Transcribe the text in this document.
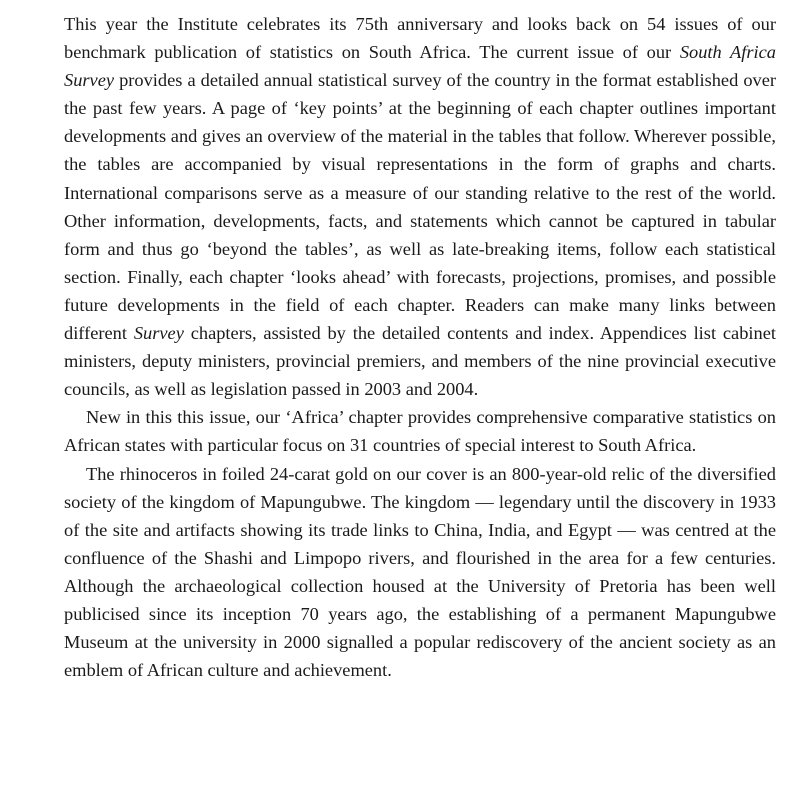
This year the Institute celebrates its 75th anniversary and looks back on 54 issues of our benchmark publication of statistics on South Africa. The current issue of our South Africa Survey provides a detailed annual statistical survey of the country in the format established over the past few years. A page of ‘key points’ at the beginning of each chapter outlines important developments and gives an overview of the material in the tables that follow. Wherever possible, the tables are accompanied by visual representations in the form of graphs and charts. International comparisons serve as a measure of our standing relative to the rest of the world. Other information, developments, facts, and statements which cannot be captured in tabular form and thus go ‘beyond the tables’, as well as late-breaking items, follow each statistical section. Finally, each chapter ‘looks ahead’ with forecasts, projections, promises, and possible future developments in the field of each chapter. Readers can make many links between different Survey chapters, assisted by the detailed contents and index. Appendices list cabinet ministers, deputy ministers, provincial premiers, and members of the nine provincial executive councils, as well as legislation passed in 2003 and 2004.

New in this this issue, our ‘Africa’ chapter provides comprehensive comparative statistics on African states with particular focus on 31 countries of special interest to South Africa.

The rhinoceros in foiled 24-carat gold on our cover is an 800-year-old relic of the diversified society of the kingdom of Mapungubwe. The kingdom — legendary until the discovery in 1933 of the site and artifacts showing its trade links to China, India, and Egypt — was centred at the confluence of the Shashi and Limpopo rivers, and flourished in the area for a few centuries. Although the archaeological collection housed at the University of Pretoria has been well publicised since its inception 70 years ago, the establishing of a permanent Mapungubwe Museum at the university in 2000 signalled a popular rediscovery of the ancient society as an emblem of African culture and achievement.
